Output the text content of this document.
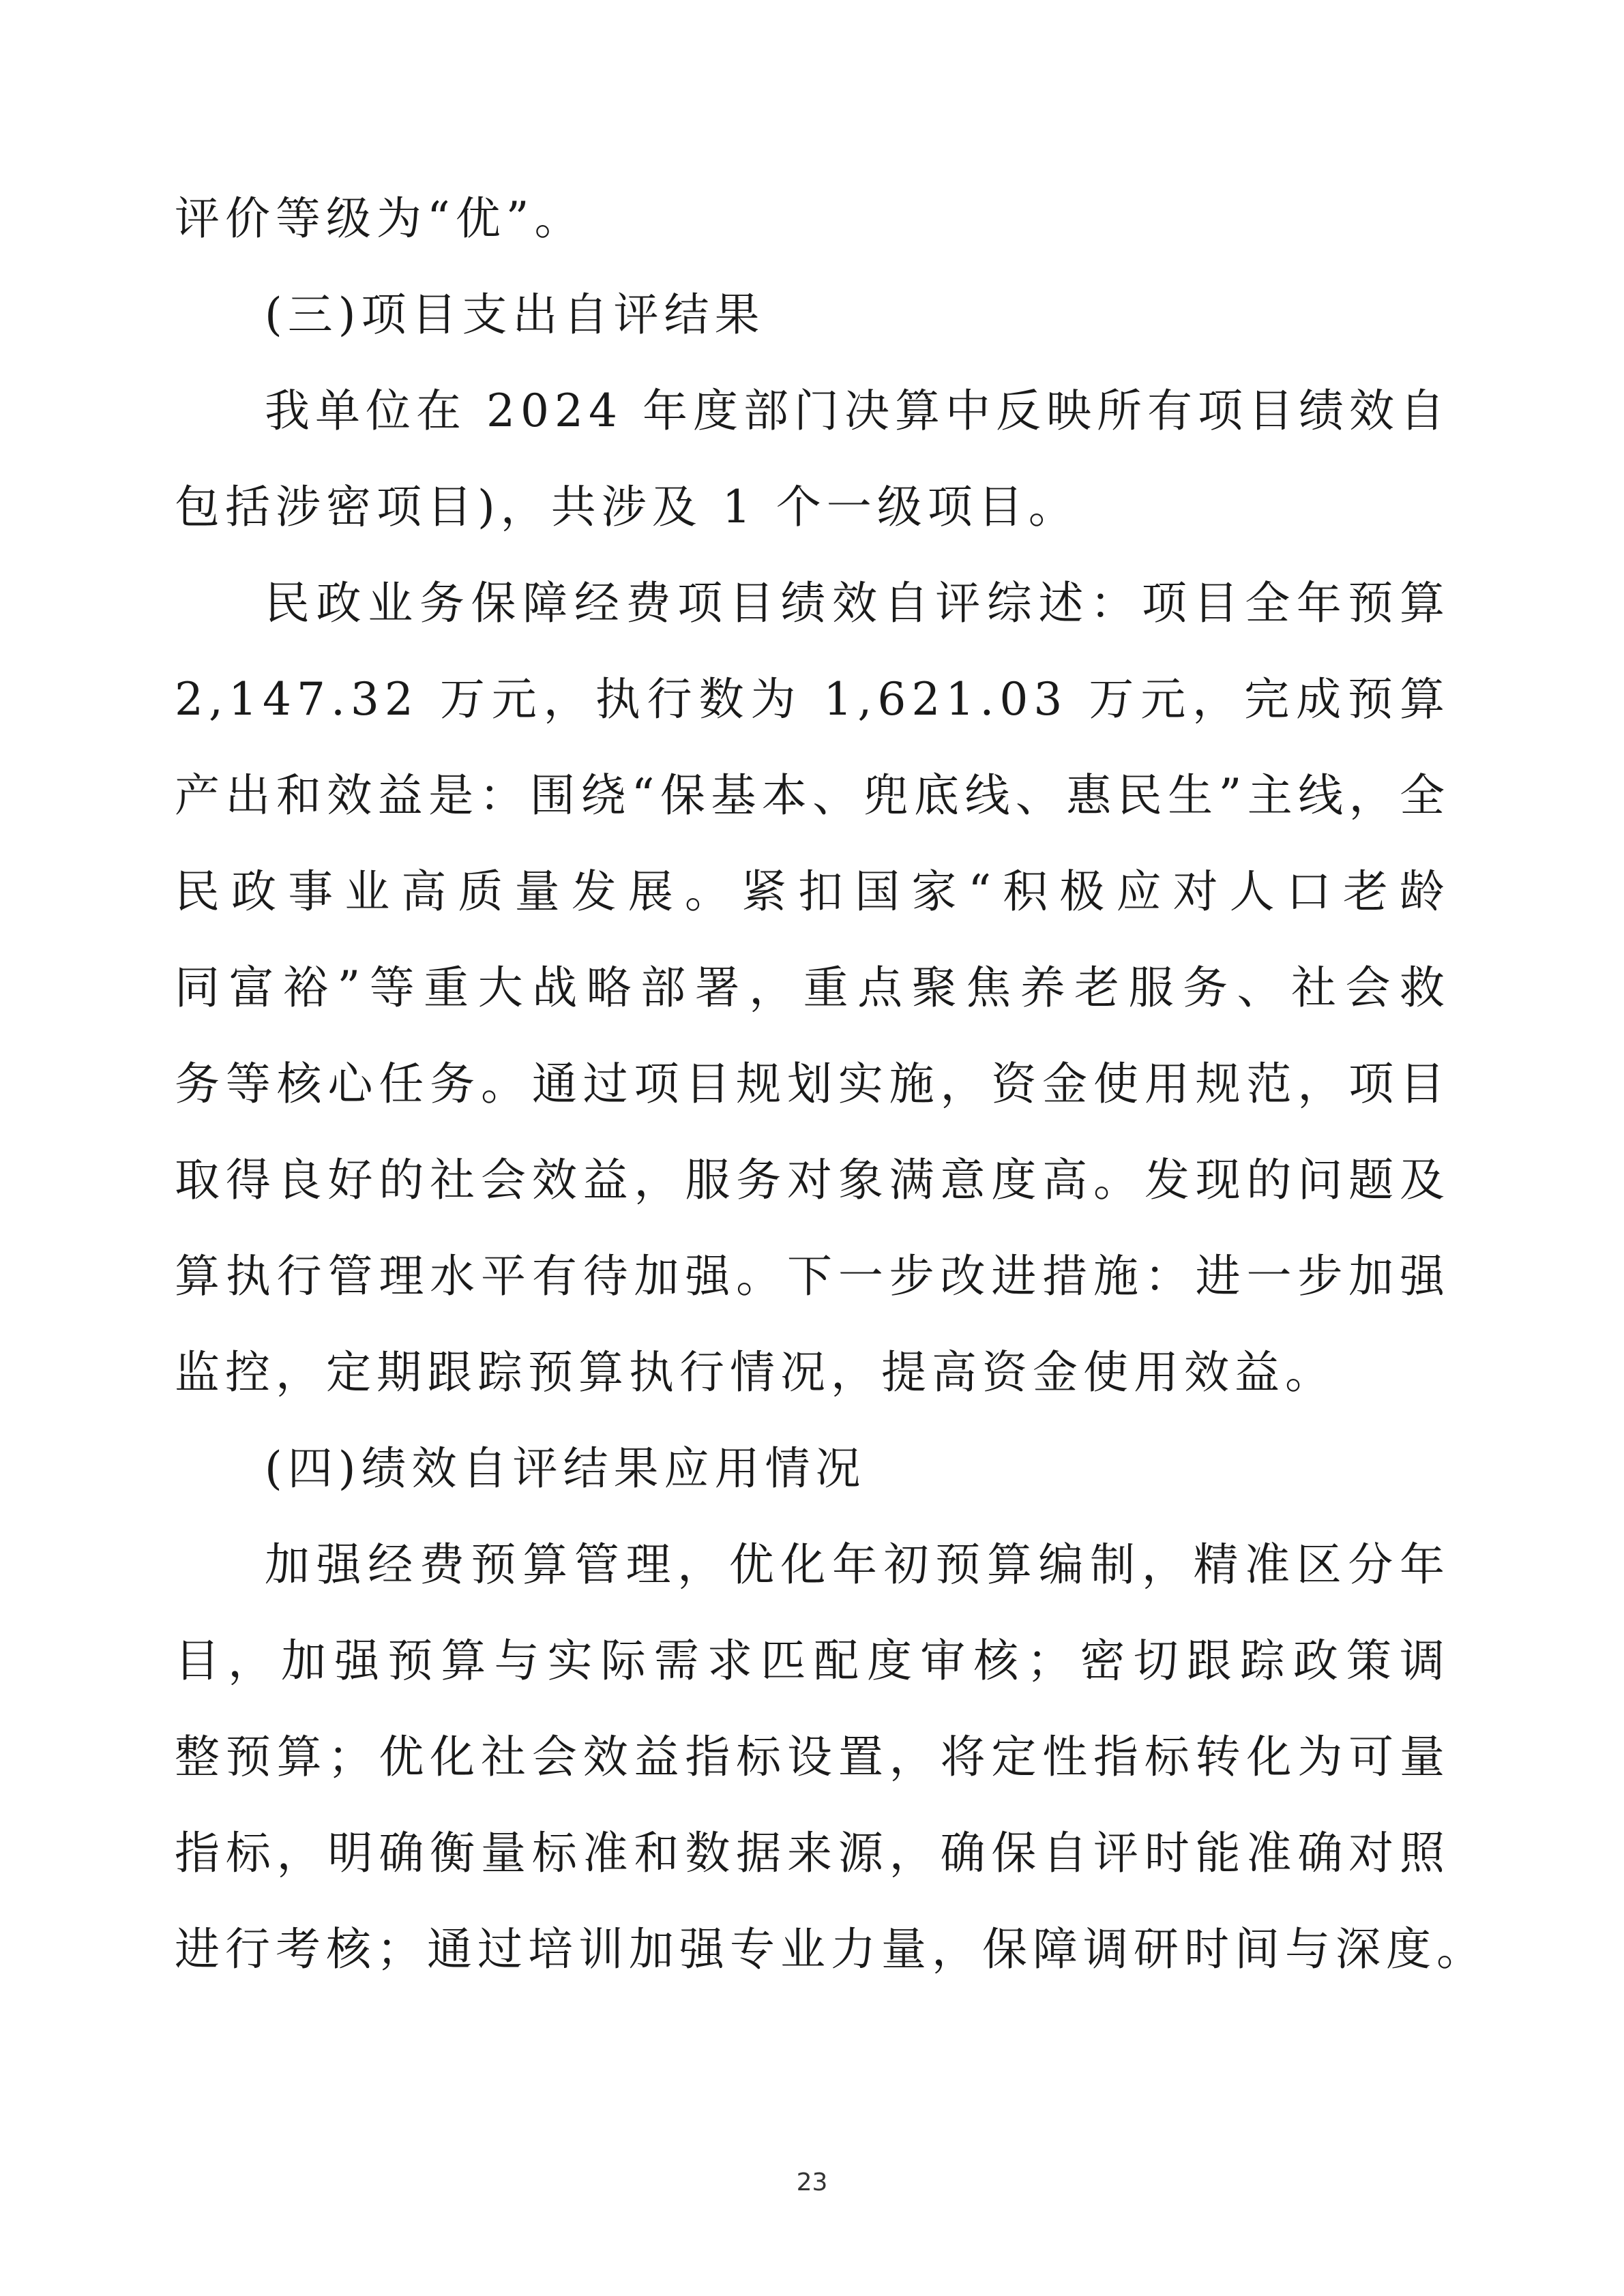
评价等级为“优”。
(三)项目支出自评结果
我单位在 2024 年度部门决算中反映所有项目绩效自
包括涉密项目)，共涉及 1 个一级项目。
民政业务保障经费项目绩效自评综述：项目全年预算
2,147.32 万元，执行数为 1,621.03 万元，完成预算
产出和效益是：围绕“保基本、兜底线、惠民生”主线，全
民政事业高质量发展。紧扣国家“积极应对人口老龄
同富裕”等重大战略部署，重点聚焦养老服务、社会救
务等核心任务。通过项目规划实施，资金使用规范，项目
取得良好的社会效益，服务对象满意度高。发现的问题及
算执行管理水平有待加强。下一步改进措施：进一步加强
监控，定期跟踪预算执行情况，提高资金使用效益。
(四)绩效自评结果应用情况
加强经费预算管理，优化年初预算编制，精准区分年
目，加强预算与实际需求匹配度审核；密切跟踪政策调
整预算；优化社会效益指标设置，将定性指标转化为可量
指标，明确衡量标准和数据来源，确保自评时能准确对照
进行考核；通过培训加强专业力量，保障调研时间与深度。
23
